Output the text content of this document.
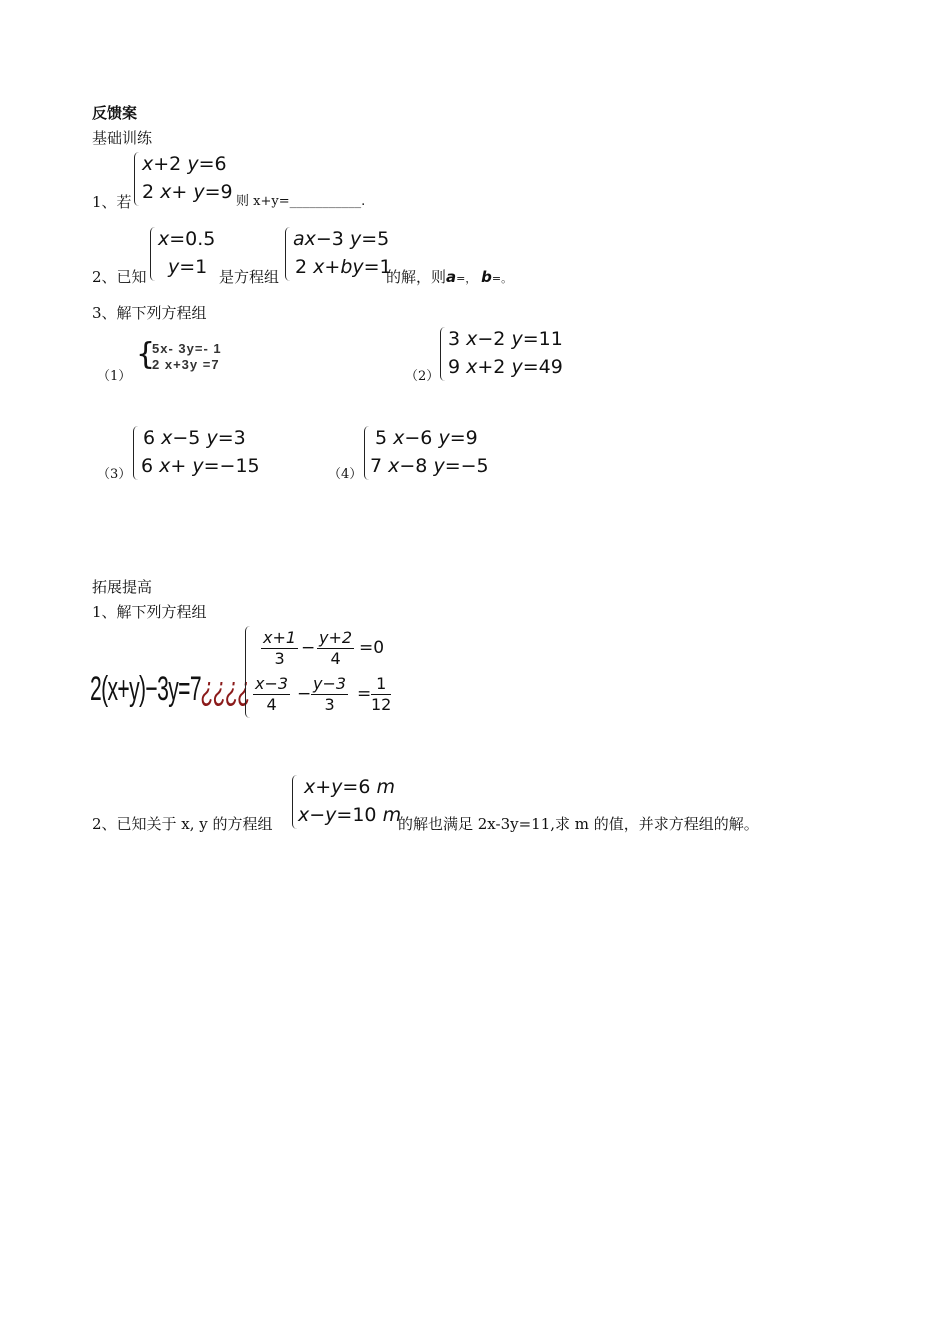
反馈案
基础训练
1、若
x+2 y=6
2 x+ y=9 则 x+y=___________.
2、已知
x=0.5
y=1 是方程组
ax−3 y=5
2 x+by=1
的解，则a=， b=。
3、解下列方程组
（1）
{
5x- 3y=- 1
2 x+3y =7
（2）
3 x−2 y=11
9 x+2 y=49
（3）
6 x−5 y=3
6 x+ y=−15	（4）
5 x−6 y=9
7 x−8 y=−5
拓展提高
1、解下列方程组
2(x+y)−3y=7¿¿¿¿
$\frac{x+1}{3} - \frac{y+2}{4} =0$
$\frac{x-3}{4} - \frac{y-3}{3} = \frac{1}{12}$
2、已知关于 x, y 的方程组
x+y=6 m
x−y=10 m
的解也满足 2x-3y=11,求 m 的值，并求方程组的解。
